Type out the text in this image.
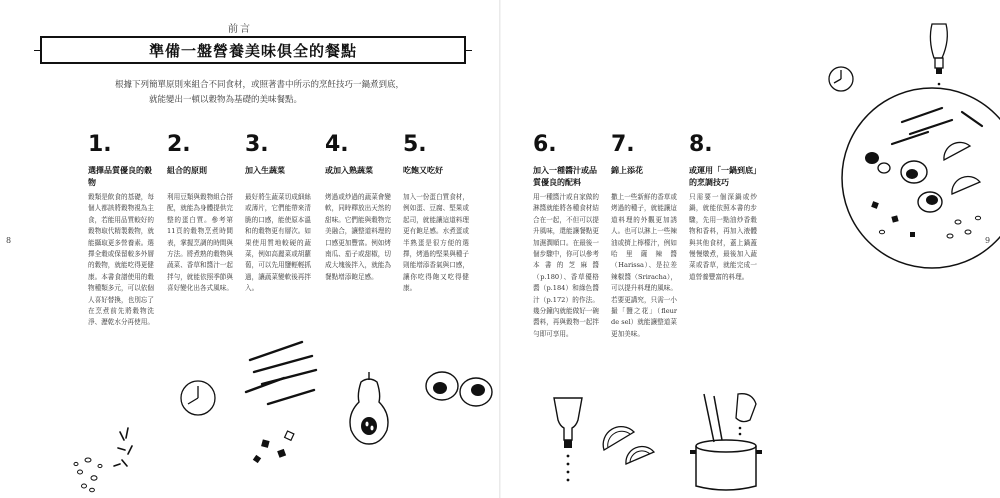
前言
準備一盤營養美味俱全的餐點
根據下列簡單原則來組合不同食材，或照著書中所示的烹飪技巧一鍋煮到底，
就能變出一頓以穀物為基礎的美味餐點。
8	9
1.
選擇品質優良的穀物
穀類是飲食的基礎，每個人都該將穀物視為主食，若能用品質較好的穀物取代精製穀物，就能攝取更多營養素。選擇全穀或保留較多外層的穀物，就能吃得更健康。本書食譜使用的穀物種類多元，可以依個人喜好替換，也別忘了在烹煮前先將穀物洗淨、瀝乾水分再使用。
2.
組合的原則
利用豆類與穀物組合搭配，就能為身體提供完整的蛋白質。參考第11頁的穀物烹煮時間表，掌握烹調的時間與方法。將煮熟的穀物與蔬菜、香草和醬汁一起拌勻，就能依照季節與喜好變化出各式風味。
3.
加入生蔬菜
最好將生蔬菜切成細絲或薄片，它們能帶來清脆的口感，能使原本溫和的穀物更有層次。如果使用質地較硬的蔬菜，例如高麗菜或胡蘿蔔，可以先用鹽輕輕抓過，讓蔬菜變軟後再拌入。
4.
或加入熟蔬菜
烤過或炒過的蔬菜會變軟，同時釋放出天然的甜味。它們能與穀物完美融合，讓整道料理的口感更加豐富。例如烤南瓜、茄子或甜椒，切成大塊後拌入，就能為餐點增添飽足感。
5.
吃飽又吃好
加入一份蛋白質食材，例如蛋、豆腐、堅果或起司，就能讓這道料理更有飽足感。水煮蛋或半熟蛋是很方便的選擇，烤過的堅果與種子則能增添香氣與口感，讓你吃得飽又吃得健康。
6.
加入一種醬汁或品質優良的配料
用一種醬汁或自家做的淋醬就能將各種食材結合在一起，不但可以提升風味，還能讓餐點更加濕潤順口。在最後一個步驟中，你可以參考本書的芝麻醬（p.180）、香草優格醬（p.184）和綠色醬汁（p.172）的作法。幾分鐘內就能做好一碗醬料，再與穀物一起拌勻即可享用。
7.
錦上添花
撒上一些新鮮的香草或烤過的種子，就能讓這道料理的外觀更加誘人。也可以淋上一些辣油或擠上檸檬汁，例如哈里薩辣醬（Harissa）、是拉差辣椒醬（Sriracha），可以提升料理的風味。若要更講究，只需一小撮「鹽之花」（fleur de sel）就能讓整道菜更加美味。
8.
或運用「一鍋到底」的烹調技巧
只需要一個深鍋或炒鍋，就能依照本書的步驟，先用一點油炒香穀物和香料，再加入液體與其他食材，蓋上鍋蓋慢慢燉煮，最後加入蔬菜或香草，就能完成一道營養豐富的料理。
